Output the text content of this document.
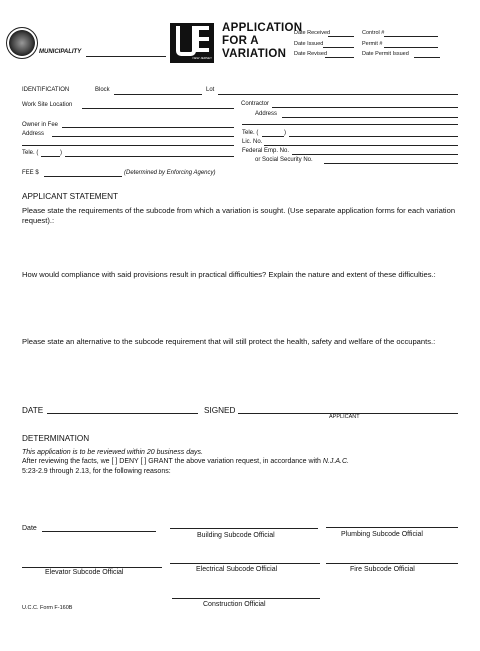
MUNICIPALITY
NEW JERSEY
APPLICATION
FOR A
VARIATION
Date Received
Date Issued
Date Revised
Control #
Permit #
Date Permit Issued
IDENTIFICATION	Block	Lot
Work Site Location	Contractor
Address
Owner in Fee
Address	Tele. (	)
Lic. No.
Tele. (	)	Federal Emp. No.
or Social Security No.
FEE $	(Determined by Enforcing Agency)
APPLICANT STATEMENT
Please state the requirements of the subcode from which a variation is sought. (Use separate application forms for each variation request).:
How would compliance with said provisions result in practical difficulties? Explain the nature and extent of these difficulties.:
Please state an alternative to the subcode requirement that will still protect the health, safety and welfare of the occupants.:
DATE	SIGNED
APPLICANT
DETERMINATION
This application is to be reviewed within 20 business days.
After reviewing the facts, we [ ] DENY [ ] GRANT the above variation request, in accordance with N.J.A.C.
5:23-2.9 through 2.13, for the following reasons:
Date
Building Subcode Official	Plumbing Subcode Official
Elevator Subcode Official	Electrical Subcode Official	Fire Subcode Official
Construction Official
U.C.C. Form F-160B
